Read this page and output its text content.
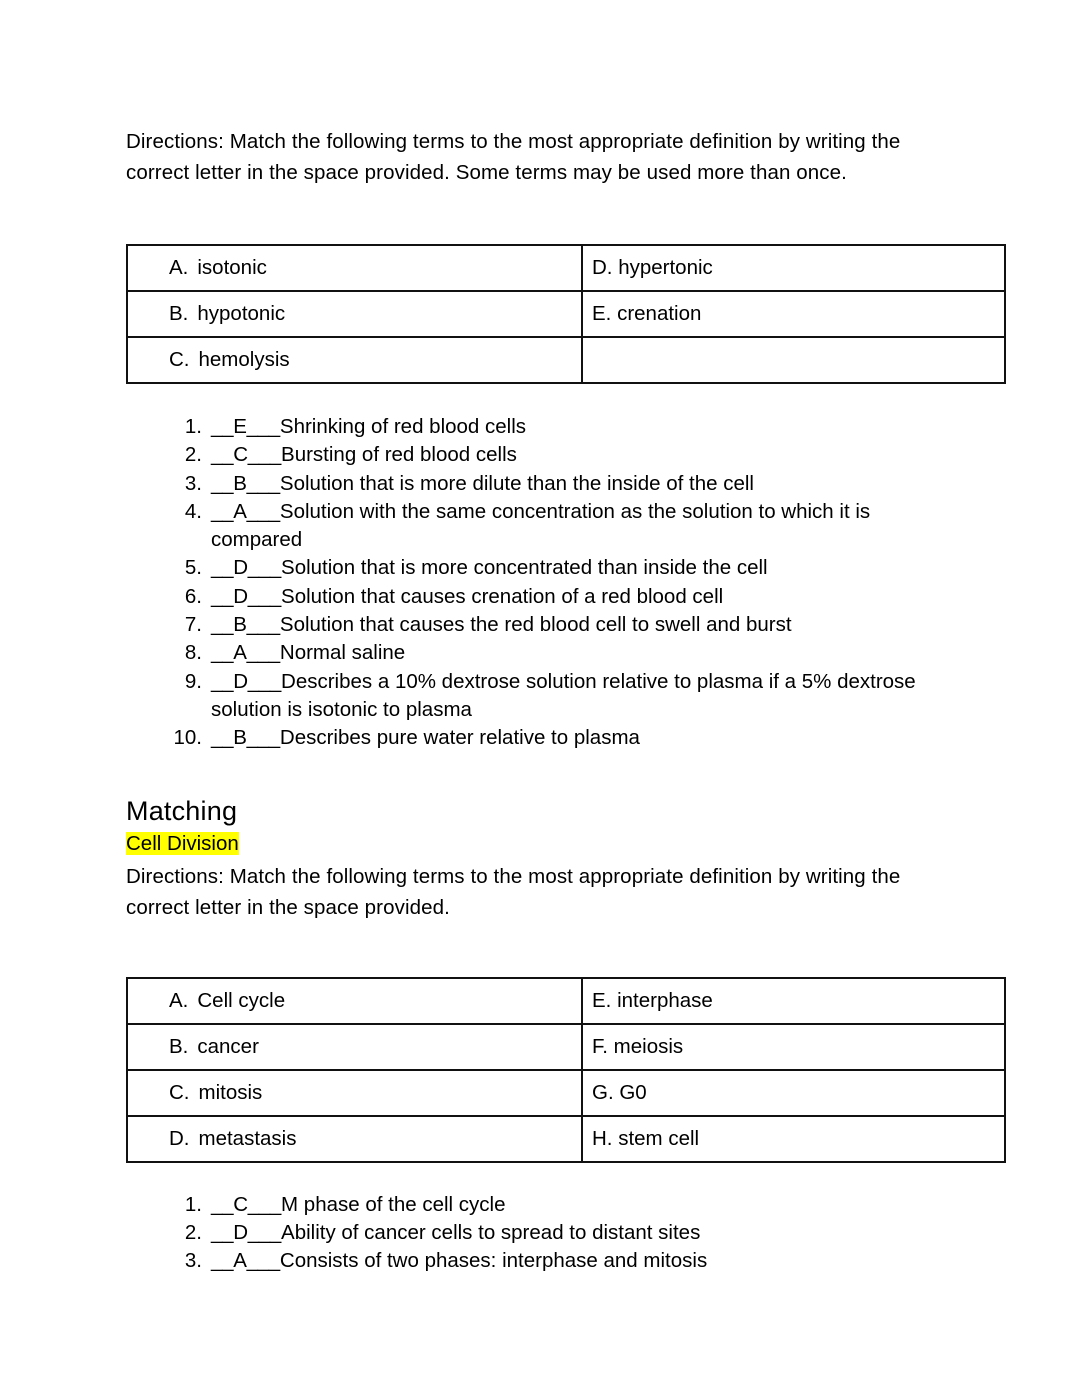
Directions: Match the following terms to the most appropriate definition by writing the correct letter in the space provided. Some terms may be used more than once.

A. isotonic	D. hypertonic
B. hypotonic	E. crenation
C. hemolysis	
1. __E___Shrinking of red blood cells
2. __C___Bursting of red blood cells
3. __B___Solution that is more dilute than the inside of the cell
4. __A___Solution with the same concentration as the solution to which it is compared
5. __D___Solution that is more concentrated than inside the cell
6. __D___Solution that causes crenation of a red blood cell
7. __B___Solution that causes the red blood cell to swell and burst
8. __A___Normal saline
9. __D___Describes a 10% dextrose solution relative to plasma if a 5% dextrose solution is isotonic to plasma
10. __B___Describes pure water relative to plasma
Matching

Cell Division

Directions: Match the following terms to the most appropriate definition by writing the correct letter in the space provided.

A. Cell cycle	E. interphase
B. cancer	F. meiosis
C. mitosis	G. G0
D. metastasis	H. stem cell
1. __C___M phase of the cell cycle
2. __D___Ability of cancer cells to spread to distant sites
3. __A___Consists of two phases: interphase and mitosis
